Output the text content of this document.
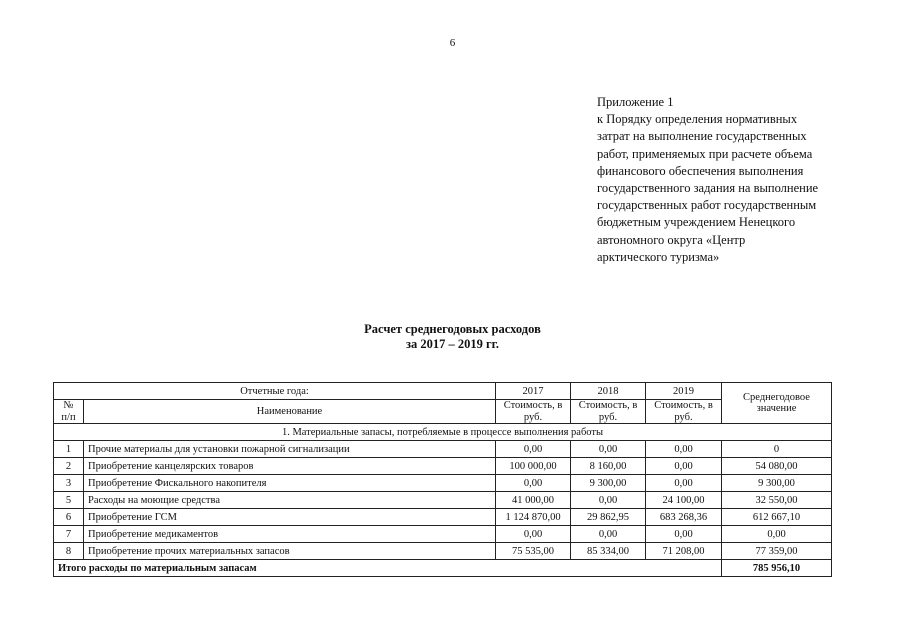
6
Приложение 1
к Порядку определения нормативных
затрат на выполнение государственных
работ, применяемых при расчете объема
финансового обеспечения выполнения
государственного задания на выполнение
государственных работ государственным
бюджетным учреждением Ненецкого
автономного округа «Центр
арктического туризма»
Расчет среднегодовых расходов
за 2017 – 2019 гг.
Отчетные года:		2017	2018	2019	Среднегодовое значение
№ п/п	Наименование	Стоимость, в руб.	Стоимость, в руб.	Стоимость, в руб.	
1. Материальные запасы, потребляемые в процессе выполнения работы					
1	Прочие материалы для установки пожарной сигнализации	0,00	0,00	0,00	0
2	Приобретение канцелярских товаров	100 000,00	8 160,00	0,00	54 080,00
3	Приобретение Фискального накопителя	0,00	9 300,00	0,00	9 300,00
5	Расходы на моющие средства	41 000,00	0,00	24 100,00	32 550,00
6	Приобретение ГСМ	1 124 870,00	29 862,95	683 268,36	612 667,10
7	Приобретение медикаментов	0,00	0,00	0,00	0,00
8	Приобретение прочих материальных запасов	75 535,00	85 334,00	71 208,00	77 359,00
Итого расходы по материальным запасам					785 956,10
